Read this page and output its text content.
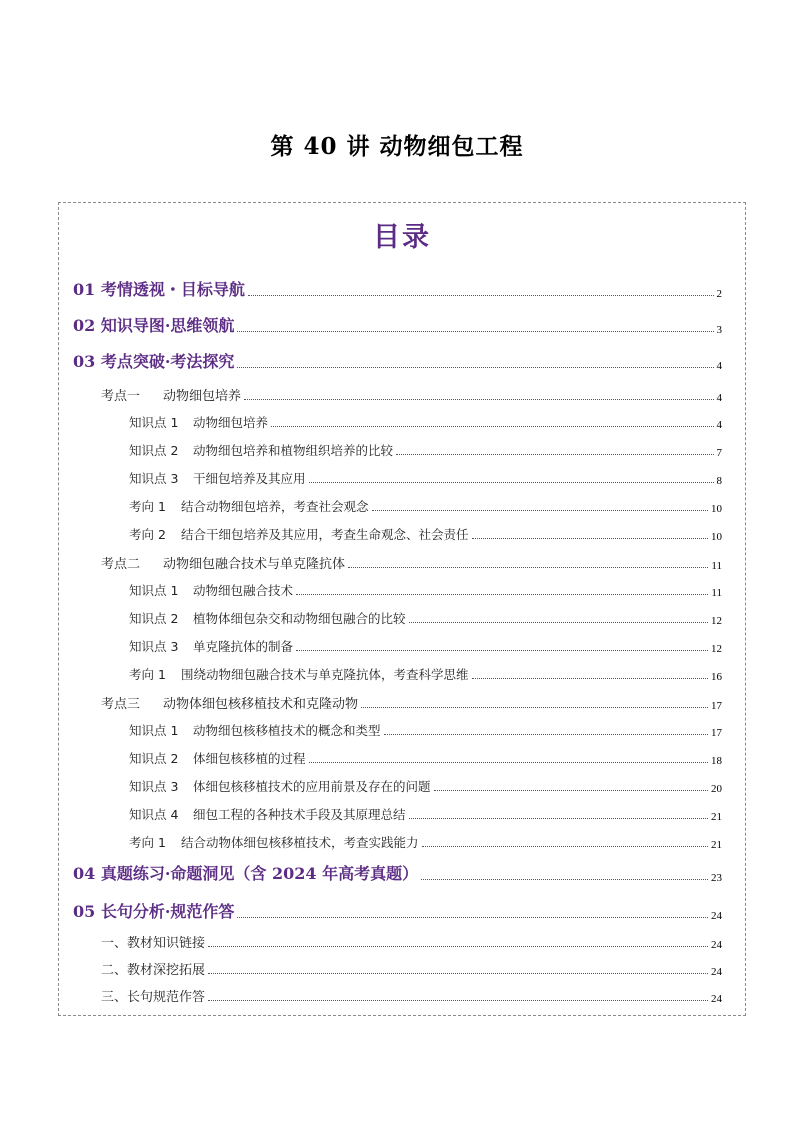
第 40 讲 动物细包工程
目录
01 考情透视・目标导航	2
02 知识导图·思维领航	3
03 考点突破·考法探究	4
考点一 动物细包培养	4
知识点 1 动物细包培养	4
知识点 2 动物细包培养和植物组织培养的比较	7
知识点 3 干细包培养及其应用	8
考向 1 结合动物细包培养，考查社会观念	10
考向 2 结合干细包培养及其应用，考查生命观念、社会责任	10
考点二 动物细包融合技术与单克隆抗体	11
知识点 1 动物细包融合技术	11
知识点 2 植物体细包杂交和动物细包融合的比较	12
知识点 3 单克隆抗体的制备	12
考向 1 围绕动物细包融合技术与单克隆抗体，考查科学思维	16
考点三 动物体细包核移植技术和克隆动物	17
知识点 1 动物细包核移植技术的概念和类型	17
知识点 2 体细包核移植的过程	18
知识点 3 体细包核移植技术的应用前景及存在的问题	20
知识点 4 细包工程的各种技术手段及其原理总结	21
考向 1 结合动物体细包核移植技术，考查实践能力	21
04 真题练习·命题洞见（含 2024 年高考真题）	23
05 长句分析·规范作答	24
一、教材知识链接	24
二、教材深挖拓展	24
三、长句规范作答	24
